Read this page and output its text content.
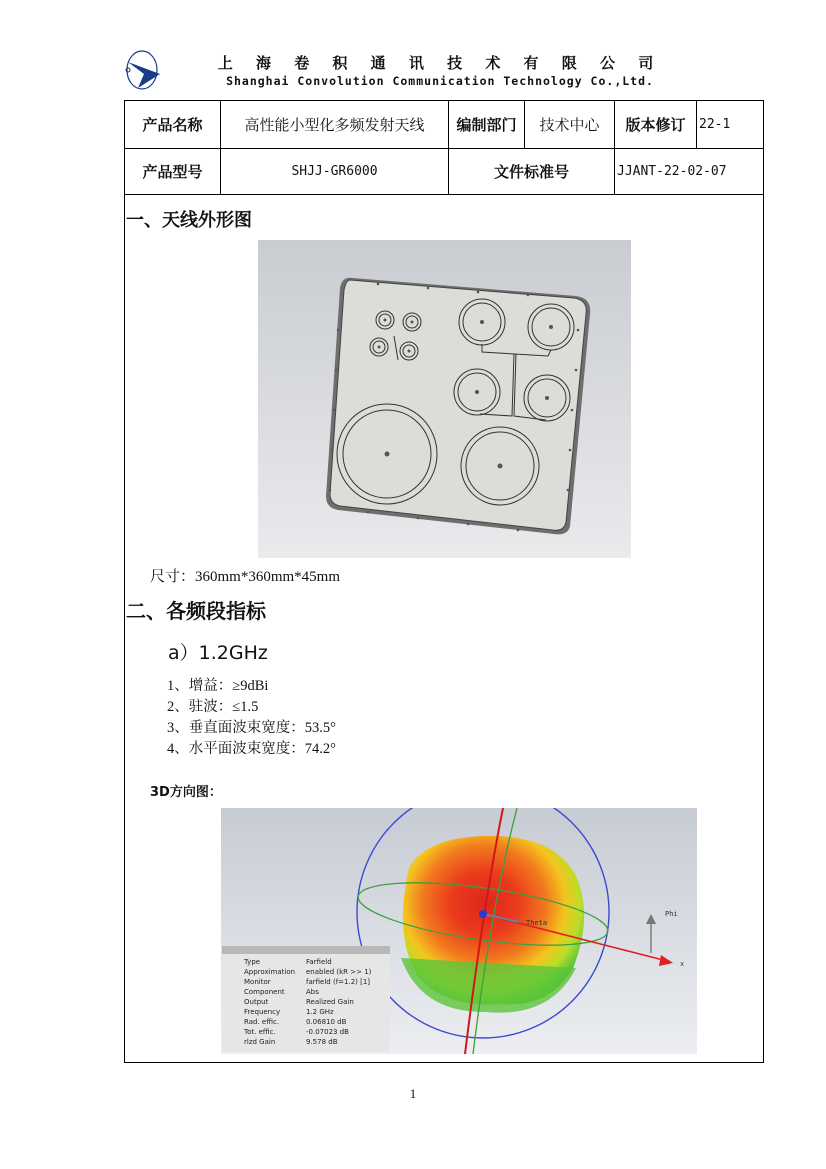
上 海 卷 积 通 讯 技 术 有 限 公 司
Shanghai Convolution Communication Technology Co.,Ltd.
产品名称	高性能小型化多频发射天线	编制部门	技术中心	版本修订	22-1
产品型号	SHJJ-GR6000	文件标准号	JJANT-22-02-07
一、天线外形图
尺寸：360mm*360mm*45mm
二、各频段指标
a）1.2GHz
1、增益：≥9dBi
2、驻波：≤1.5
3、垂直面波束宽度：53.5°
4、水平面波束宽度：74.2°
3D方向图：
Phi
Theta
x
Type	Farfield
Approximation enabled (kR >> 1)
Monitor	farfield (f=1.2) [1]
Component	Abs
Output	Realized Gain
Frequency	1.2 GHz
Rad. effic.	0.06810 dB
Tot. effic.	-0.07023 dB
rlzd Gain	9.578 dB
1
